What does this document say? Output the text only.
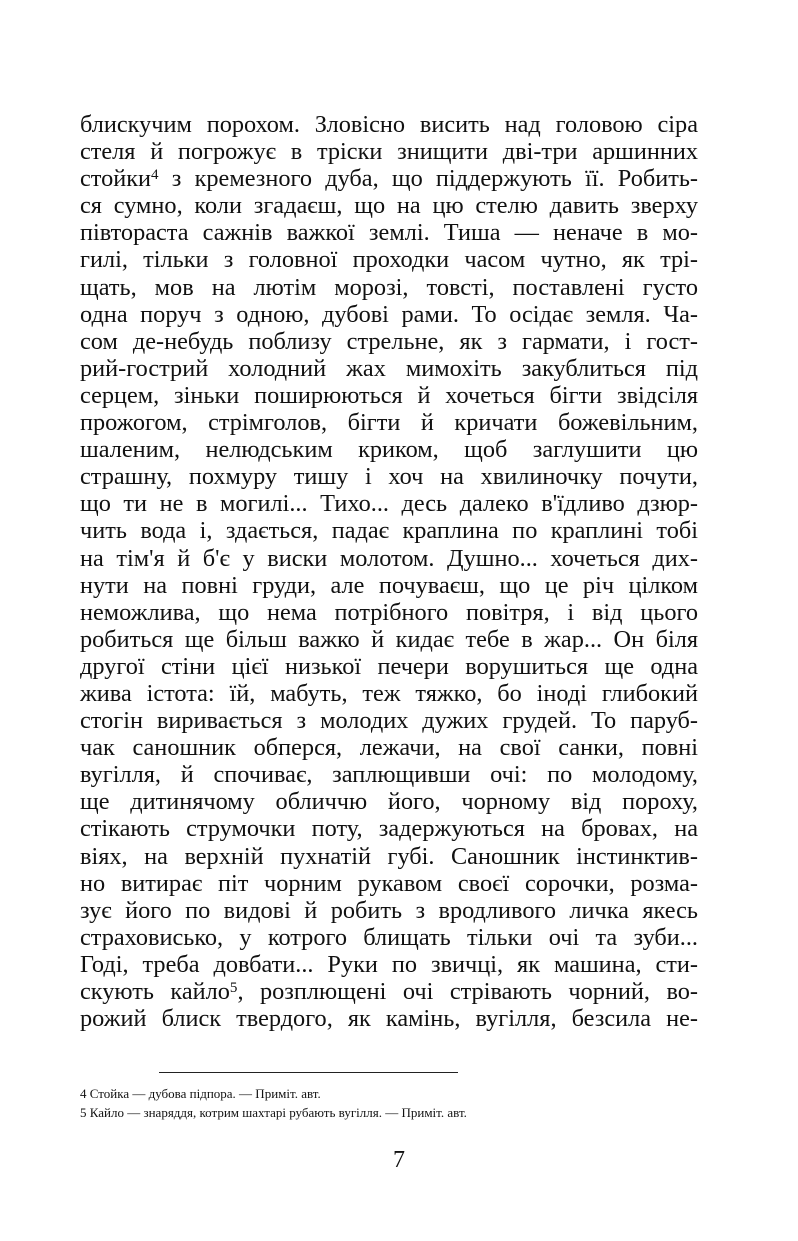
блискучим порохом. Зловісно висить над головою сіра
стеля й погрожує в тріски знищити дві-три аршинних
стойки$^4$ з кремезного дуба, що піддержують її. Робить-
ся сумно, коли згадаєш, що на цю стелю давить зверху
півтораста сажнів важкої землі. Тиша — неначе в мо-
гилі, тільки з головної проходки часом чутно, як трі-
щать, мов на лютім морозі, товсті, поставлені густо
одна поруч з одною, дубові рами. То осідає земля. Ча-
сом де-небудь поблизу стрельне, як з гармати, і гост-
рий-гострий холодний жах мимохіть закублиться під
серцем, зіньки поширюються й хочеться бігти звідсіля
прожогом, стрімголов, бігти й кричати божевільним,
шаленим, нелюдським криком, щоб заглушити цю
страшну, похмуру тишу і хоч на хвилиночку почути,
що ти не в могилі... Тихо... десь далеко в'їдливо дзюр-
чить вода і, здається, падає краплина по краплині тобі
на тім'я й б'є у виски молотом. Душно... хочеться дих-
нути на повні груди, але почуваєш, що це річ цілком
неможлива, що нема потрібного повітря, і від цього
робиться ще більш важко й кидає тебе в жар... Он біля
другої стіни цієї низької печери ворушиться ще одна
жива істота: їй, мабуть, теж тяжко, бо іноді глибокий
стогін виривається з молодих дужих грудей. То паруб-
чак саношник обперся, лежачи, на свої санки, повні
вугілля, й спочиває, заплющивши очі: по молодому,
ще дитинячому обличчю його, чорному від пороху,
стікають струмочки поту, задержуються на бровах, на
віях, на верхній пухнатій губі. Саношник інстинктив-
но витирає піт чорним рукавом своєї сорочки, розма-
зує його по видові й робить з вродливого личка якесь
страховисько, у котрого блищать тільки очі та зуби...
Годі, треба довбати... Руки по звичці, як машина, сти-
скують кайло$^5$, розплющені очі стрівають чорний, во-
рожий блиск твердого, як камінь, вугілля, безсила не-
4 Стойка — дубова підпора. — Приміт. авт.
5 Кайло — знаряддя, котрим шахтарі рубають вугілля. — Приміт. авт.
7
